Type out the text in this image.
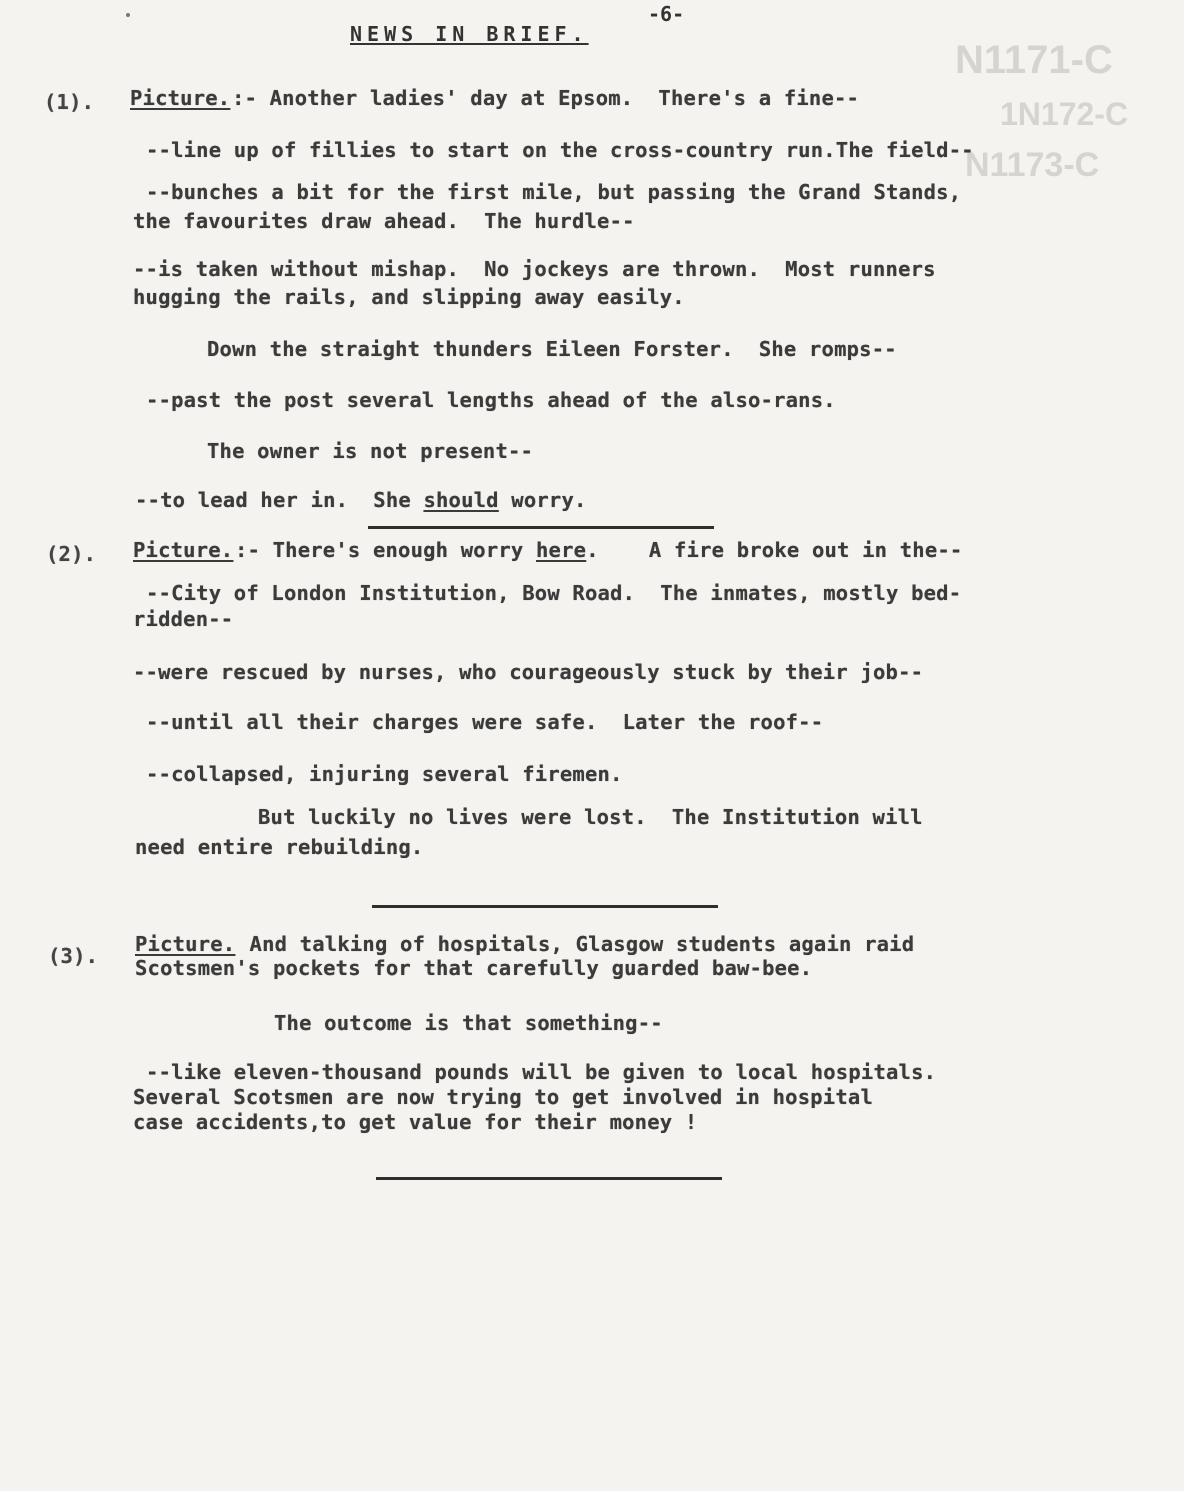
N1171-C
1N172-C
N1173-C
-6-
NEWS IN BRIEF.
(1). Picture. :- Another ladies' day at Epsom.  There's a fine--
--line up of fillies to start on the cross-country run.The field--
--bunches a bit for the first mile, but passing the Grand Stands,
the favourites draw ahead.  The hurdle--
--is taken without mishap.  No jockeys are thrown.  Most runners
hugging the rails, and slipping away easily.
Down the straight thunders Eileen Forster.  She romps--
--past the post several lengths ahead of the also-rans.
The owner is not present--
--to lead her in.  She should worry.
(2). Picture. :- There's enough worry here.    A fire broke out in the--
--City of London Institution, Bow Road.  The inmates, mostly bed-
ridden--
--were rescued by nurses, who courageously stuck by their job--
--until all their charges were safe.  Later the roof--
--collapsed, injuring several firemen.
But luckily no lives were lost.  The Institution will
need entire rebuilding.
(3). Picture. And talking of hospitals, Glasgow students again raid
Scotsmen's pockets for that carefully guarded baw-bee.
The outcome is that something--
--like eleven-thousand pounds will be given to local hospitals.
Several Scotsmen are now trying to get involved in hospital
case accidents,to get value for their money !
